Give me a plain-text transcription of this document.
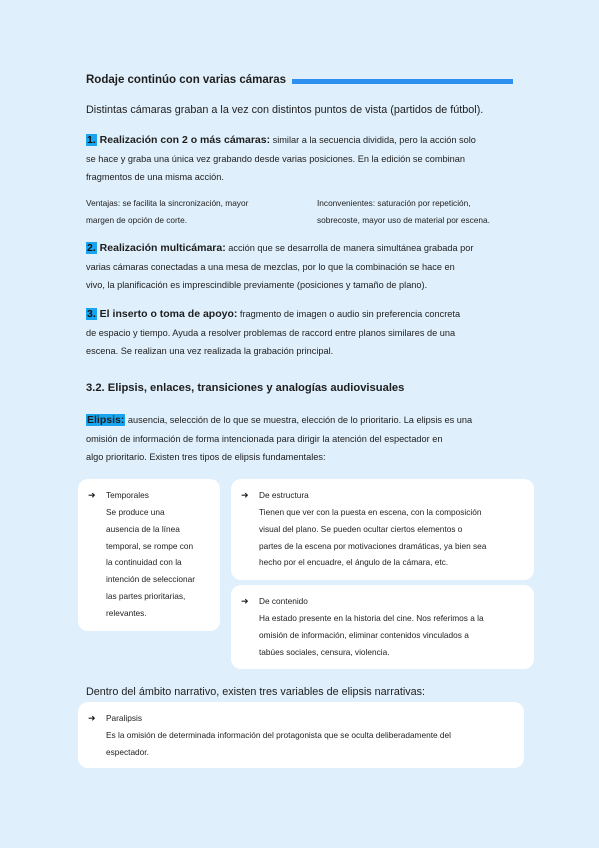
Rodaje continúo con varias cámaras
Distintas cámaras graban a la vez con distintos puntos de vista (partidos de fútbol).
1. Realización con 2 o más cámaras: similar a la secuencia dividida, pero la acción solo
se hace y graba una única vez grabando desde varias posiciones. En la edición se combinan
fragmentos de una misma acción.
Ventajas: se facilita la sincronización, mayor
margen de opción de corte.
Inconvenientes: saturación por repetición,
sobrecoste, mayor uso de material por escena.
2. Realización multicámara: acción que se desarrolla de manera simultánea grabada por
varias cámaras conectadas a una mesa de mezclas, por lo que la combinación se hace en
vivo, la planificación es imprescindible previamente (posiciones y tamaño de plano).
3. El inserto o toma de apoyo: fragmento de imagen o audio sin preferencia concreta
de espacio y tiempo. Ayuda a resolver problemas de raccord entre planos similares de una
escena. Se realizan una vez realizada la grabación principal.
3.2. Elipsis, enlaces, transiciones y analogías audiovisuales
Elipsis: ausencia, selección de lo que se muestra, elección de lo prioritario. La elipsis es una
omisión de información de forma intencionada para dirigir la atención del espectador en
algo prioritario. Existen tres tipos de elipsis fundamentales:
➜ Temporales
Se produce una
ausencia de la línea
temporal, se rompe con
la continuidad con la
intención de seleccionar
las partes prioritarias,
relevantes.
➜ De estructura
Tienen que ver con la puesta en escena, con la composición
visual del plano. Se pueden ocultar ciertos elementos o
partes de la escena por motivaciones dramáticas, ya bien sea
hecho por el encuadre, el ángulo de la cámara, etc.
➜ De contenido
Ha estado presente en la historia del cine. Nos referimos a la
omisión de información, eliminar contenidos vinculados a
tabúes sociales, censura, violencia.
Dentro del ámbito narrativo, existen tres variables de elipsis narrativas:
➜ Paralipsis
Es la omisión de determinada información del protagonista que se oculta deliberadamente del
espectador.
